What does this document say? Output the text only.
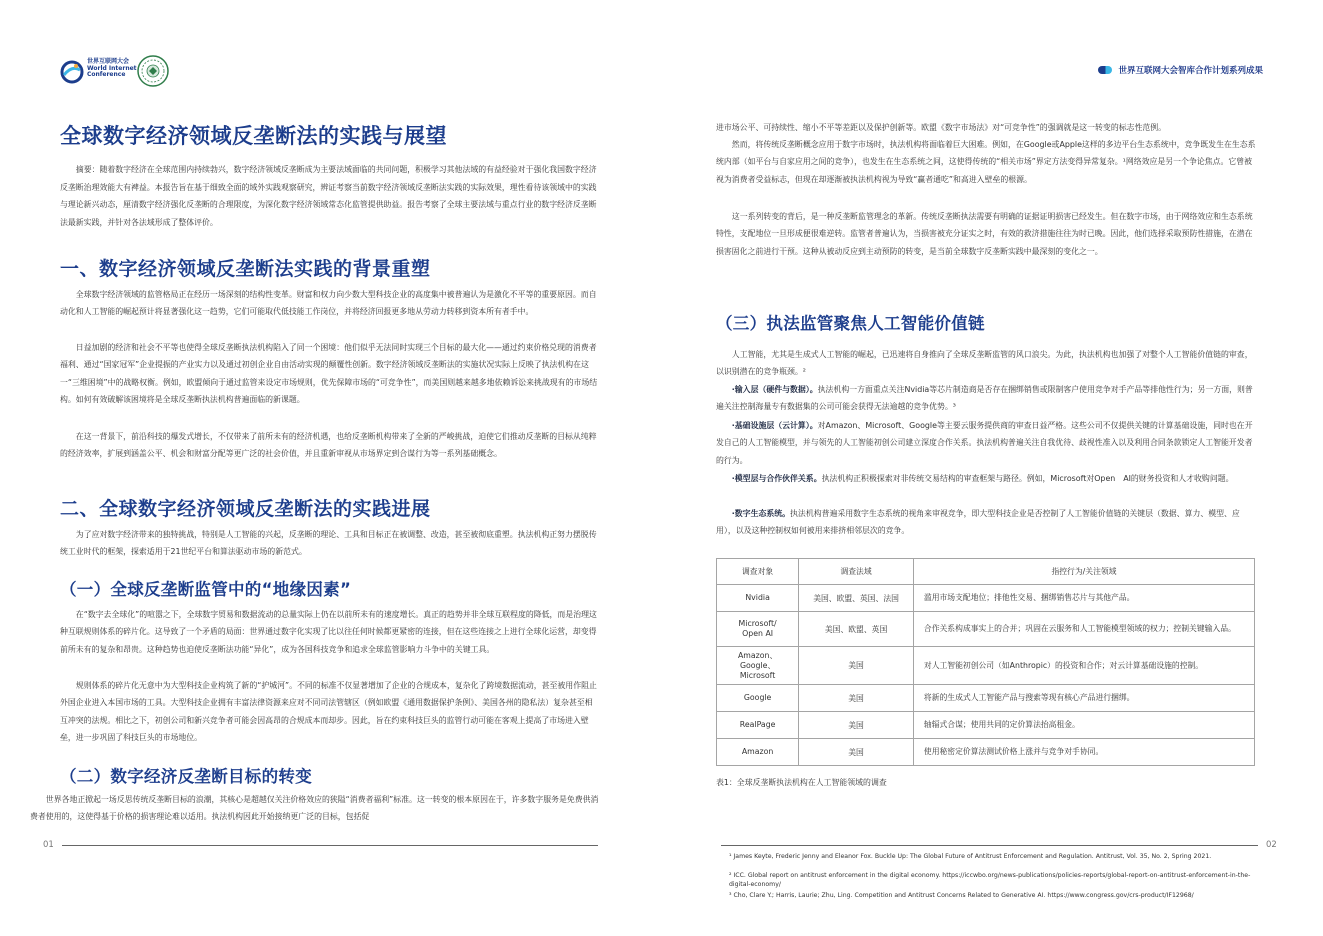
世界互联网大会
World Internet
Conference
全球数字经济领域反垄断法的实践与展望

摘要：随着数字经济在全球范围内持续勃兴，数字经济领域反垄断成为主要法域面临的共同问题，积极学习其他法域的有益经验对于强化我国数字经济反垄断治理效能大有裨益。本报告旨在基于细致全面的域外实践观察研究，辨证考察当前数字经济领域反垄断法实践的实际效果，理性看待该领域中的实践与理论新兴动态，厘清数字经济强化反垄断的合理限度，为深化数字经济领域常态化监管提供助益。报告考察了全球主要法域与重点行业的数字经济反垄断法最新实践，并针对各法域形成了整体评价。

一、数字经济领域反垄断法实践的背景重塑

全球数字经济领域的监管格局正在经历一场深刻的结构性变革。财富和权力向少数大型科技企业的高度集中被普遍认为是激化不平等的重要原因。而自动化和人工智能的崛起预计将显著强化这一趋势，它们可能取代低技能工作岗位，并将经济回报更多地从劳动力转移到资本所有者手中。

日益加剧的经济和社会不平等也使得全球反垄断执法机构陷入了同一个困境：他们似乎无法同时实现三个目标的最大化——通过约束价格兑现的消费者福利、通过“国家冠军”企业提振的产业实力以及通过初创企业自由活动实现的颠覆性创新。数字经济领域反垄断法的实施状况实际上反映了执法机构在这一“三维困境”中的战略权衡。例如，欧盟倾向于通过监管来设定市场规则，优先保障市场的“可竞争性”，而美国则越来越多地依赖诉讼来挑战现有的市场结构。如何有效破解该困境将是全球反垄断执法机构普遍面临的新课题。

在这一背景下，前沿科技的爆发式增长，不仅带来了前所未有的经济机遇，也给反垄断机构带来了全新的严峻挑战，迫使它们推动反垄断的目标从纯粹的经济效率，扩展到涵盖公平、机会和财富分配等更广泛的社会价值，并且重新审视从市场界定到合谋行为等一系列基础概念。

二、全球数字经济领域反垄断法的实践进展

为了应对数字经济带来的独特挑战，特别是人工智能的兴起，反垄断的理论、工具和目标正在被调整、改造，甚至被彻底重塑。执法机构正努力摆脱传统工业时代的框架，探索适用于21世纪平台和算法驱动市场的新范式。

（一）全球反垄断监管中的“地缘因素”

在“数字去全球化”的喧嚣之下，全球数字贸易和数据流动的总量实际上仍在以前所未有的速度增长。真正的趋势并非全球互联程度的降低，而是治理这种互联规则体系的碎片化。这导致了一个矛盾的局面：世界通过数字化实现了比以往任何时候都更紧密的连接，但在这些连接之上进行全球化运营，却变得前所未有的复杂和昂贵。这种趋势也迫使反垄断法功能“异化”，成为各国科技竞争和追求全球监管影响力斗争中的关键工具。

规则体系的碎片化无意中为大型科技企业构筑了新的“护城河”。不同的标准不仅显著增加了企业的合规成本，复杂化了跨境数据流动，甚至被用作阻止外国企业进入本国市场的工具。大型科技企业拥有丰富法律资源来应对不同司法管辖区（例如欧盟《通用数据保护条例》、美国各州的隐私法）复杂甚至相互冲突的法规。相比之下，初创公司和新兴竞争者可能会因高昂的合规成本而却步。因此，旨在约束科技巨头的监管行动可能在客观上提高了市场进入壁垒，进一步巩固了科技巨头的市场地位。

（二）数字经济反垄断目标的转变

世界各地正掀起一场反思传统反垄断目标的浪潮，其核心是超越仅关注价格效应的狭隘“消费者福利”标准。这一转变的根本原因在于，许多数字服务是免费供消费者使用的，这使得基于价格的损害理论难以适用。执法机构因此开始接纳更广泛的目标，包括促

01
世界互联网大会智库合作计划系列成果

进市场公平、可持续性、缩小不平等差距以及保护创新等。欧盟《数字市场法》对“可竞争性”的强调就是这一转变的标志性范例。

然而，将传统反垄断概念应用于数字市场时，执法机构将面临着巨大困难。例如，在Google或Apple这样的多边平台生态系统中，竞争既发生在生态系统内部（如平台与自家应用之间的竞争），也发生在生态系统之间，这使得传统的“相关市场”界定方法变得异常复杂。¹网络效应是另一个争论焦点。它曾被视为消费者受益标志，但现在却逐渐被执法机构视为导致“赢者通吃”和高进入壁垒的根源。

这一系列转变的背后，是一种反垄断监管理念的革新。传统反垄断执法需要有明确的证据证明损害已经发生。但在数字市场，由于网络效应和生态系统特性，支配地位一旦形成便很难逆转。监管者普遍认为，当损害被充分证实之时，有效的救济措施往往为时已晚。因此，他们选择采取预防性措施，在潜在损害固化之前进行干预。这种从被动反应到主动预防的转变，是当前全球数字反垄断实践中最深刻的变化之一。

（三）执法监管聚焦人工智能价值链

人工智能，尤其是生成式人工智能的崛起，已迅速将自身推向了全球反垄断监管的风口浪尖。为此，执法机构也加强了对整个人工智能价值链的审查，以识别潜在的竞争瓶颈。²

·输入层（硬件与数据）。执法机构一方面重点关注Nvidia等芯片制造商是否存在捆绑销售或限制客户使用竞争对手产品等排他性行为；另一方面，则普遍关注控制海量专有数据集的公司可能会获得无法逾越的竞争优势。³

·基础设施层（云计算）。对Amazon、Microsoft、Google等主要云服务提供商的审查日益严格。这些公司不仅提供关键的计算基础设施，同时也在开发自己的人工智能模型，并与领先的人工智能初创公司建立深度合作关系。执法机构普遍关注自我优待、歧视性准入以及利用合同条款锁定人工智能开发者的行为。

·模型层与合作伙伴关系。执法机构正积极探索对非传统交易结构的审查框架与路径。例如，Microsoft对Open　AI的财务投资和人才收购问题。

·数字生态系统。执法机构普遍采用数字生态系统的视角来审视竞争，即大型科技企业是否控制了人工智能价值链的关键层（数据、算力、模型、应用），以及这种控制权如何被用来排挤相邻层次的竞争。

调查对象	调查法域	指控行为/关注领域
Nvidia	美国、欧盟、英国、法国	滥用市场支配地位；排他性交易、捆绑销售芯片与其他产品。
Microsoft/ Open AI	美国、欧盟、英国	合作关系构成事实上的合并；巩固在云服务和人工智能模型领域的权力；控制关键输入品。
Amazon、Google、Microsoft	美国	对人工智能初创公司（如Anthropic）的投资和合作；对云计算基础设施的控制。
Google	美国	将新的生成式人工智能产品与搜索等现有核心产品进行捆绑。
RealPage	美国	轴辐式合谋；使用共同的定价算法抬高租金。
Amazon	美国	使用秘密定价算法测试价格上涨并与竞争对手协同。
表1：全球反垄断执法机构在人工智能领域的调查
02
¹ James Keyte, Frederic Jenny and Eleanor Fox. Buckle Up: The Global Future of Antitrust Enforcement and Regulation. Antitrust, Vol. 35, No. 2, Spring 2021.
² ICC. Global report on antitrust enforcement in the digital economy. https://iccwbo.org/news-publications/policies-reports/global-report-on-antitrust-enforcement-in-the-digital-economy/
³ Cho, Clare Y.; Harris, Laurie; Zhu, Ling. Competition and Antitrust Concerns Related to Generative AI. https://www.congress.gov/crs-product/IF12968/
